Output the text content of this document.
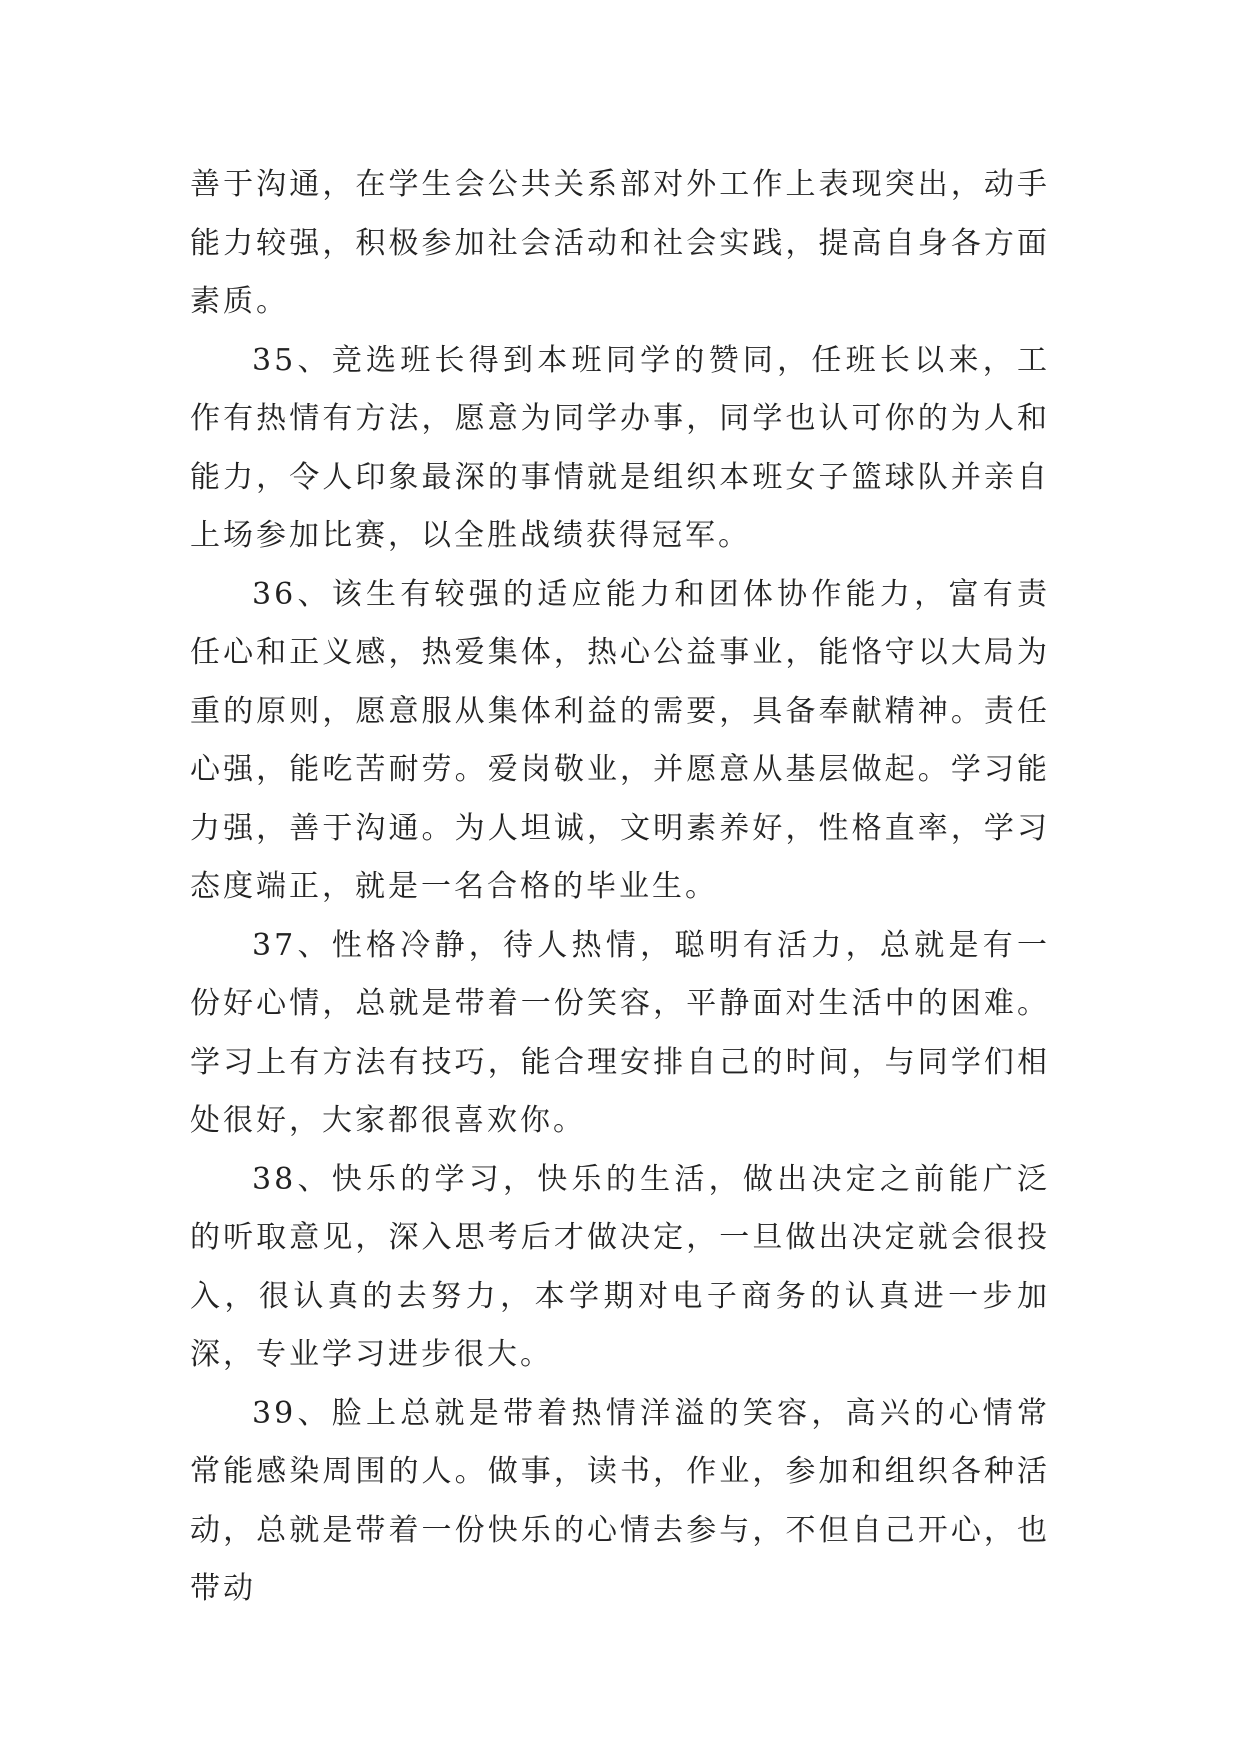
善于沟通，在学生会公共关系部对外工作上表现突出，动手能力较强，积极参加社会活动和社会实践，提高自身各方面素质。

35、竞选班长得到本班同学的赞同，任班长以来，工作有热情有方法，愿意为同学办事，同学也认可你的为人和能力，令人印象最深的事情就是组织本班女子篮球队并亲自上场参加比赛，以全胜战绩获得冠军。

36、该生有较强的适应能力和团体协作能力，富有责任心和正义感，热爱集体，热心公益事业，能恪守以大局为重的原则，愿意服从集体利益的需要，具备奉献精神。责任心强，能吃苦耐劳。爱岗敬业，并愿意从基层做起。学习能力强，善于沟通。为人坦诚，文明素养好，性格直率，学习态度端正，就是一名合格的毕业生。

37、性格冷静，待人热情，聪明有活力，总就是有一份好心情，总就是带着一份笑容，平静面对生活中的困难。学习上有方法有技巧，能合理安排自己的时间，与同学们相处很好，大家都很喜欢你。

38、快乐的学习，快乐的生活，做出决定之前能广泛的听取意见，深入思考后才做决定，一旦做出决定就会很投入，很认真的去努力，本学期对电子商务的认真进一步加深，专业学习进步很大。

39、脸上总就是带着热情洋溢的笑容，高兴的心情常常能感染周围的人。做事，读书，作业，参加和组织各种活动，总就是带着一份快乐的心情去参与，不但自己开心，也带动
